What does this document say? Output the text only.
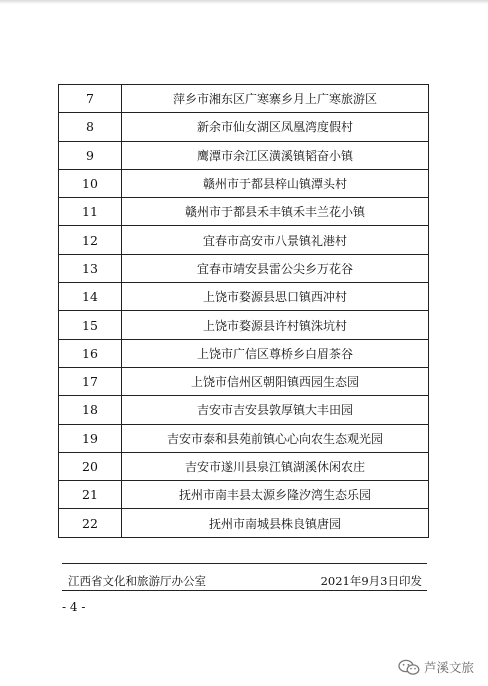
7	萍乡市湘东区广寒寨乡月上广寒旅游区
8	新余市仙女湖区凤凰湾度假村
9	鹰潭市余江区潢溪镇韬奋小镇
10	赣州市于都县梓山镇潭头村
11	赣州市于都县禾丰镇禾丰兰花小镇
12	宜春市高安市八景镇礼港村
13	宜春市靖安县雷公尖乡万花谷
14	上饶市婺源县思口镇西冲村
15	上饶市婺源县许村镇洙坑村
16	上饶市广信区尊桥乡白眉茶谷
17	上饶市信州区朝阳镇西园生态园
18	吉安市吉安县敦厚镇大丰田园
19	吉安市泰和县苑前镇心心向农生态观光园
20	吉安市遂川县泉江镇湖溪休闲农庄
21	抚州市南丰县太源乡隆汐湾生态乐园
22	抚州市南城县株良镇唐园
江西省文化和旅游厅办公室	2021年9月3日印发
- 4 -
芦溪文旅
